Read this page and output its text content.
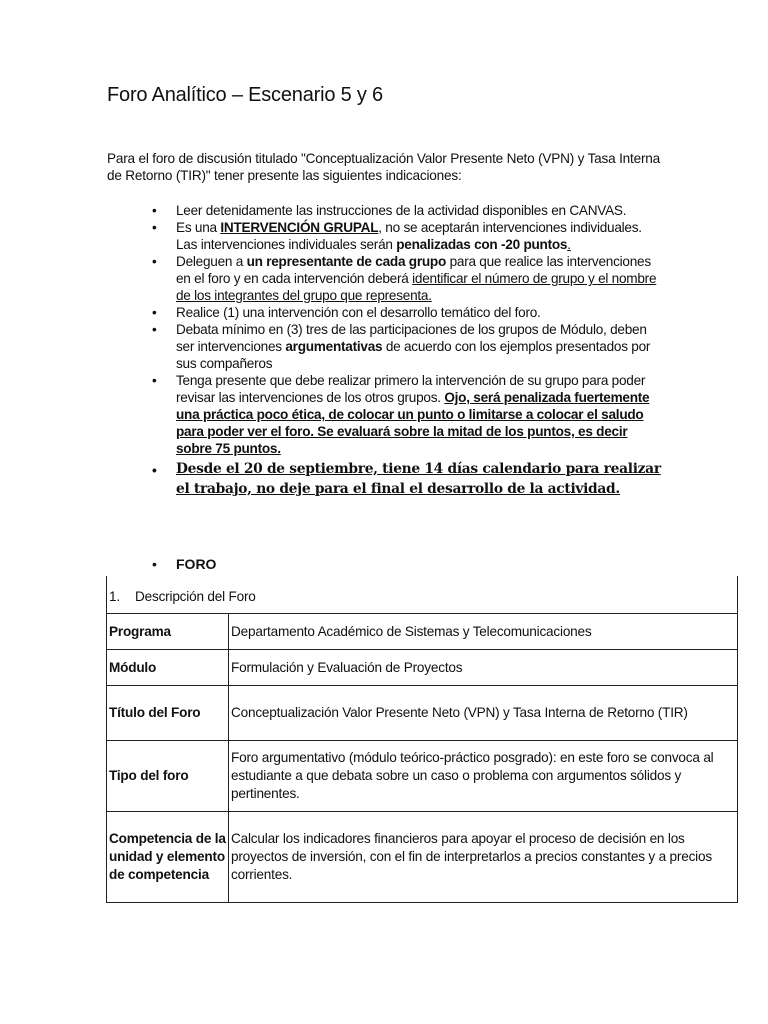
Foro Analítico – Escenario 5 y 6

Para el foro de discusión titulado "Conceptualización Valor Presente Neto (VPN) y Tasa Interna de Retorno (TIR)" tener presente las siguientes indicaciones:

• Leer detenidamente las instrucciones de la actividad disponibles en CANVAS.
• Es una INTERVENCIÓN GRUPAL, no se aceptarán intervenciones individuales. Las intervenciones individuales serán penalizadas con -20 puntos.
• Deleguen a un representante de cada grupo para que realice las intervenciones en el foro y en cada intervención deberá identificar el número de grupo y el nombre de los integrantes del grupo que representa.
• Realice (1) una intervención con el desarrollo temático del foro.
• Debata mínimo en (3) tres de las participaciones de los grupos de Módulo, deben ser intervenciones argumentativas de acuerdo con los ejemplos presentados por sus compañeros
• Tenga presente que debe realizar primero la intervención de su grupo para poder revisar las intervenciones de los otros grupos. Ojo, será penalizada fuertemente una práctica poco ética, de colocar un punto o limitarse a colocar el saludo para poder ver el foro. Se evaluará sobre la mitad de los puntos, es decir sobre 75 puntos.
• Desde el 20 de septiembre, tiene 14 días calendario para realizar el trabajo, no deje para el final el desarrollo de la actividad.
• FORO
1. Descripción del Foro	
Programa	Departamento Académico de Sistemas y Telecomunicaciones
Módulo	Formulación y Evaluación de Proyectos
Título del Foro	Conceptualización Valor Presente Neto (VPN) y Tasa Interna de Retorno (TIR)
Tipo del foro	Foro argumentativo (módulo teórico-práctico posgrado): en este foro se convoca al estudiante a que debata sobre un caso o problema con argumentos sólidos y pertinentes.
Competencia de la unidad y elemento de competencia	Calcular los indicadores financieros para apoyar el proceso de decisión en los proyectos de inversión, con el fin de interpretarlos a precios constantes y a precios corrientes.
